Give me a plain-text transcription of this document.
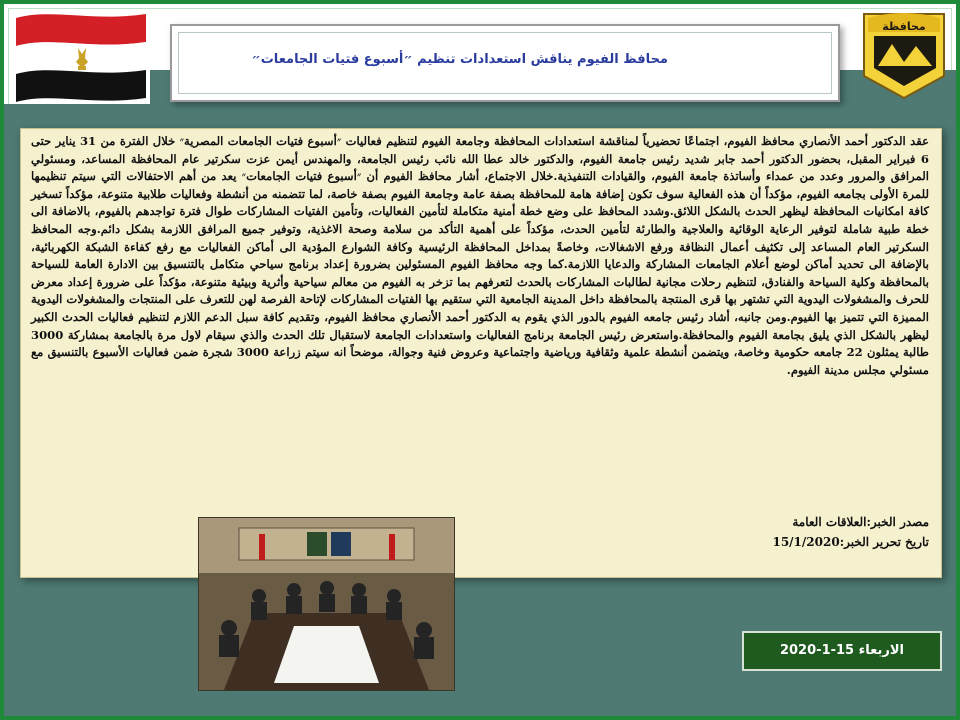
محافظة
محافظ الفيوم يناقش استعدادات تنظيم ״أسبوع فتيات الجامعات״

عقد الدكتور أحمد الأنصاري محافظ الفيوم، اجتماعًا تحضيرياً لمناقشة استعدادات المحافظة وجامعة الفيوم لتنظيم فعاليات ״أسبوع فتيات الجامعات المصرية״ خلال الفترة من 31 يناير حتى 6 فبراير المقبل، بحضور الدكتور أحمد جابر شديد رئيس جامعة الفيوم، والدكتور خالد عطا الله نائب رئيس الجامعة، والمهندس أيمن عزت سكرتير عام المحافظة المساعد، ومسئولي المرافق والمرور وعدد من عمداء وأساتذة جامعة الفيوم، والقيادات التنفيذية.خلال الاجتماع، أشار محافظ الفيوم أن ״أسبوع فتيات الجامعات״ يعد من أهم الاحتفالات التي سيتم تنظيمها للمرة الأولى بجامعه الفيوم، مؤكداً أن هذه الفعالية سوف تكون إضافة هامة للمحافظة بصفة عامة وجامعة الفيوم بصفة خاصة، لما تتضمنه من أنشطة وفعاليات طلابية متنوعة، مؤكداً تسخير كافة امكانيات المحافظة ليظهر الحدث بالشكل اللائق.وشدد المحافظ على وضع خطة أمنية متكاملة لتأمين الفعاليات، وتأمين الفتيات المشاركات طوال فترة تواجدهم بالفيوم، بالاضافة الى خطة طبية شاملة لتوفير الرعاية الوقائية والعلاجية والطارئة لتأمين الحدث، مؤكداً على أهمية التأكد من سلامة وصحة الاغذية، وتوفير جميع المرافق اللازمة بشكل دائم.وجه المحافظ السكرتير العام المساعد إلى تكثيف أعمال النظافة ورفع الاشغالات، وخاصةً بمداخل المحافظة الرئيسية وكافة الشوارع المؤدية الى أماكن الفعاليات مع رفع كفاءة الشبكة الكهربائية، بالإضافة الى تحديد أماكن لوضع أعلام الجامعات المشاركة والدعايا اللازمة.كما وجه محافظ الفيوم المسئولين بضرورة إعداد برنامج سياحي متكامل بالتنسيق بين الادارة العامة للسياحة بالمحافظة وكلية السياحة والفنادق، لتنظيم رحلات مجانية لطالبات المشاركات بالحدث لتعرفهم بما تزخر به الفيوم من معالم سياحية وأثرية وبيئية متنوعة، مؤكداً على ضرورة إعداد معرض للحرف والمشغولات اليدوية التي تشتهر بها قرى المنتجة بالمحافظة داخل المدينة الجامعية التي ستقيم بها الفتيات المشاركات لإتاحة الفرصة لهن للتعرف على المنتجات والمشغولات اليدوية المميزة التي تتميز بها الفيوم.ومن جانبه، أشاد رئيس جامعه الفيوم بالدور الذي يقوم به الدكتور أحمد الأنصاري محافظ الفيوم، وتقديم كافة سبل الدعم اللازم لتنظيم فعاليات الحدث الكبير ليظهر بالشكل الذي يليق بجامعة الفيوم والمحافظة.واستعرض رئيس الجامعة برنامج الفعاليات واستعدادات الجامعة لاستقبال تلك الحدث والذي سيقام لاول مرة بالجامعة بمشاركة 3000 طالبة يمثلون 22 جامعه حكومية وخاصة، ويتضمن أنشطة علمية وثقافية ورياضية واجتماعية وعروض فنية وجوالة، موضحاً انه سيتم زراعة 3000 شجرة ضمن فعاليات الأسبوع بالتنسيق مع مسئولي مجلس مدينة الفيوم.

مصدر الخبر:العلاقات العامة
تاريخ تحرير الخبر:15/1/2020
الاربعاء 15-1-2020
